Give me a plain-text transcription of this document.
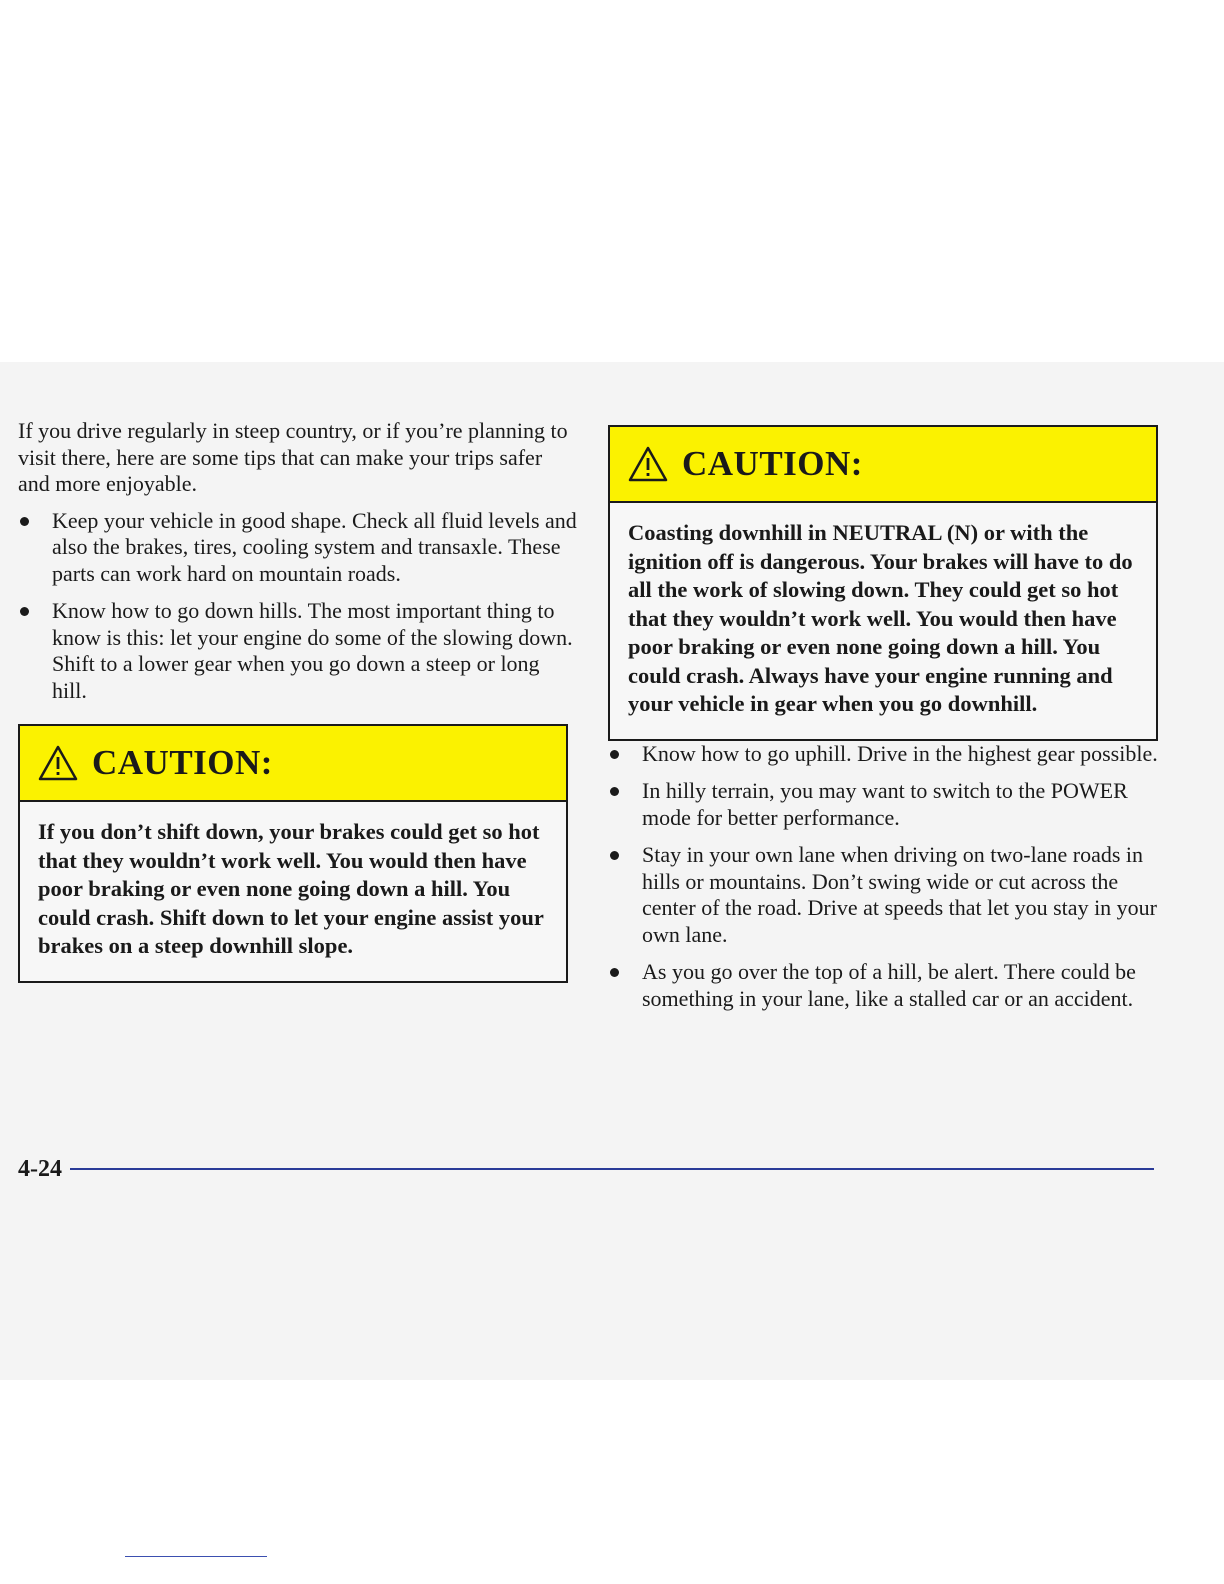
If you drive regularly in steep country, or if you’re planning to visit there, here are some tips that can make your trips safer and more enjoyable.

Keep your vehicle in good shape. Check all fluid levels and also the brakes, tires, cooling system and transaxle. These parts can work hard on mountain roads.
Know how to go down hills. The most important thing to know is this: let your engine do some of the slowing down. Shift to a lower gear when you go down a steep or long hill.
CAUTION:
If you don’t shift down, your brakes could get so hot that they wouldn’t work well. You would then have poor braking or even none going down a hill. You could crash. Shift down to let your engine assist your brakes on a steep downhill slope.
CAUTION:
Coasting downhill in NEUTRAL (N) or with the ignition off is dangerous. Your brakes will have to do all the work of slowing down. They could get so hot that they wouldn’t work well. You would then have poor braking or even none going down a hill. You could crash. Always have your engine running and your vehicle in gear when you go downhill.
Know how to go uphill. Drive in the highest gear possible.
In hilly terrain, you may want to switch to the POWER mode for better performance.
Stay in your own lane when driving on two-lane roads in hills or mountains. Don’t swing wide or cut across the center of the road. Drive at speeds that let you stay in your own lane.
As you go over the top of a hill, be alert. There could be something in your lane, like a stalled car or an accident.
4-24
